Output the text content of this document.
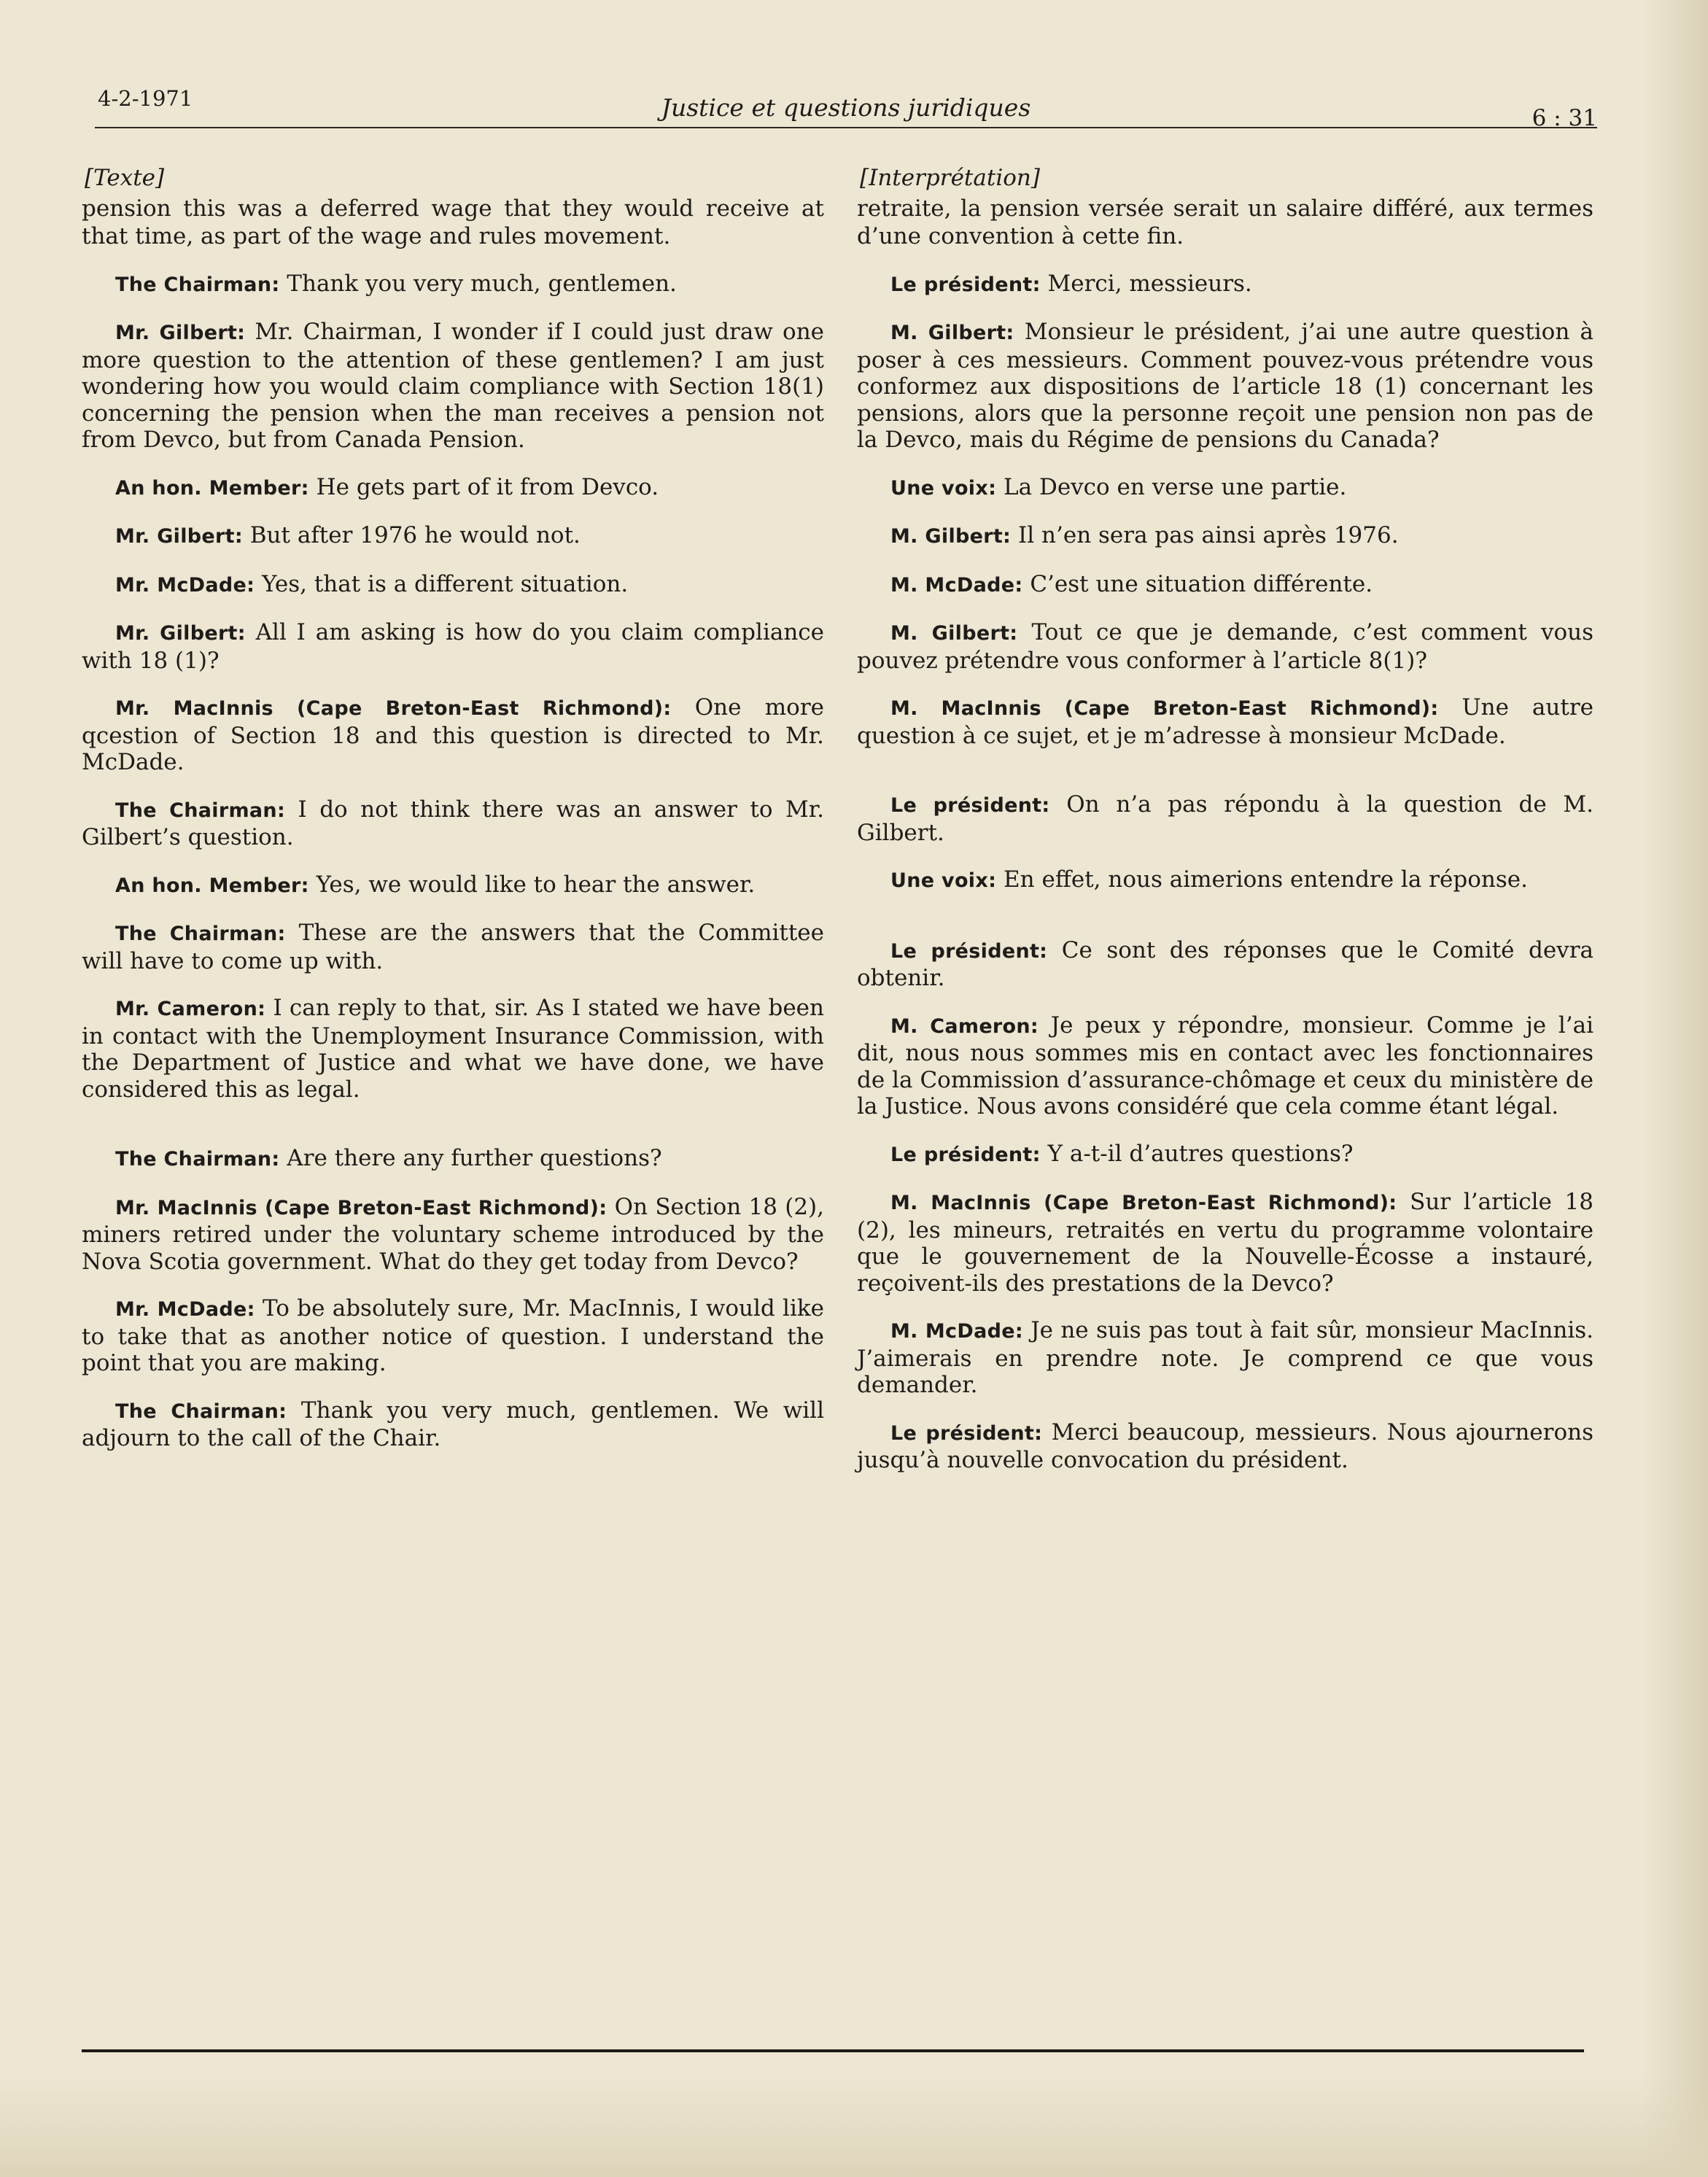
4-2-1971	Justice et questions juridiques	6 : 31
[Texte]

pension this was a deferred wage that they would receive at that time, as part of the wage and rules movement.

The Chairman: Thank you very much, gentlemen.

Mr. Gilbert: Mr. Chairman, I wonder if I could just draw one more question to the attention of these gentlemen? I am just wondering how you would claim compliance with Section 18(1) concerning the pension when the man receives a pension not from Devco, but from Canada Pension.

An hon. Member: He gets part of it from Devco.

Mr. Gilbert: But after 1976 he would not.

Mr. McDade: Yes, that is a different situation.

Mr. Gilbert: All I am asking is how do you claim compliance with 18 (1)?

Mr. MacInnis (Cape Breton-East Richmond): One more qcestion of Section 18 and this question is directed to Mr. McDade.

The Chairman: I do not think there was an answer to Mr. Gilbert’s question.

An hon. Member: Yes, we would like to hear the answer.

The Chairman: These are the answers that the Committee will have to come up with.

Mr. Cameron: I can reply to that, sir. As I stated we have been in contact with the Unemployment Insurance Commission, with the Department of Justice and what we have done, we have considered this as legal.

The Chairman: Are there any further questions?

Mr. MacInnis (Cape Breton-East Richmond): On Section 18 (2), miners retired under the voluntary scheme introduced by the Nova Scotia government. What do they get today from Devco?

Mr. McDade: To be absolutely sure, Mr. MacInnis, I would like to take that as another notice of question. I understand the point that you are making.

The Chairman: Thank you very much, gentlemen. We will adjourn to the call of the Chair.

[Interprétation]

retraite, la pension versée serait un salaire différé, aux termes d’une convention à cette fin.

Le président: Merci, messieurs.

M. Gilbert: Monsieur le président, j’ai une autre question à poser à ces messieurs. Comment pouvez-vous prétendre vous conformez aux dispositions de l’article 18 (1) concernant les pensions, alors que la personne reçoit une pension non pas de la Devco, mais du Régime de pensions du Canada?

Une voix: La Devco en verse une partie.

M. Gilbert: Il n’en sera pas ainsi après 1976.

M. McDade: C’est une situation différente.

M. Gilbert: Tout ce que je demande, c’est comment vous pouvez prétendre vous conformer à l’article 8(1)?

M. MacInnis (Cape Breton-East Richmond): Une autre question à ce sujet, et je m’adresse à monsieur McDade.

Le président: On n’a pas répondu à la question de M. Gilbert.

Une voix: En effet, nous aimerions entendre la réponse.

Le président: Ce sont des réponses que le Comité devra obtenir.

M. Cameron: Je peux y répondre, monsieur. Comme je l’ai dit, nous nous sommes mis en contact avec les fonctionnaires de la Commission d’assurance-chômage et ceux du ministère de la Justice. Nous avons considéré que cela comme étant légal.

Le président: Y a-t-il d’autres questions?

M. MacInnis (Cape Breton-East Richmond): Sur l’article 18 (2), les mineurs, retraités en vertu du programme volontaire que le gouvernement de la Nouvelle-Écosse a instauré, reçoivent-ils des prestations de la Devco?

M. McDade: Je ne suis pas tout à fait sûr, monsieur MacInnis. J’aimerais en prendre note. Je comprend ce que vous demander.

Le président: Merci beaucoup, messieurs. Nous ajournerons jusqu’à nouvelle convocation du président.
